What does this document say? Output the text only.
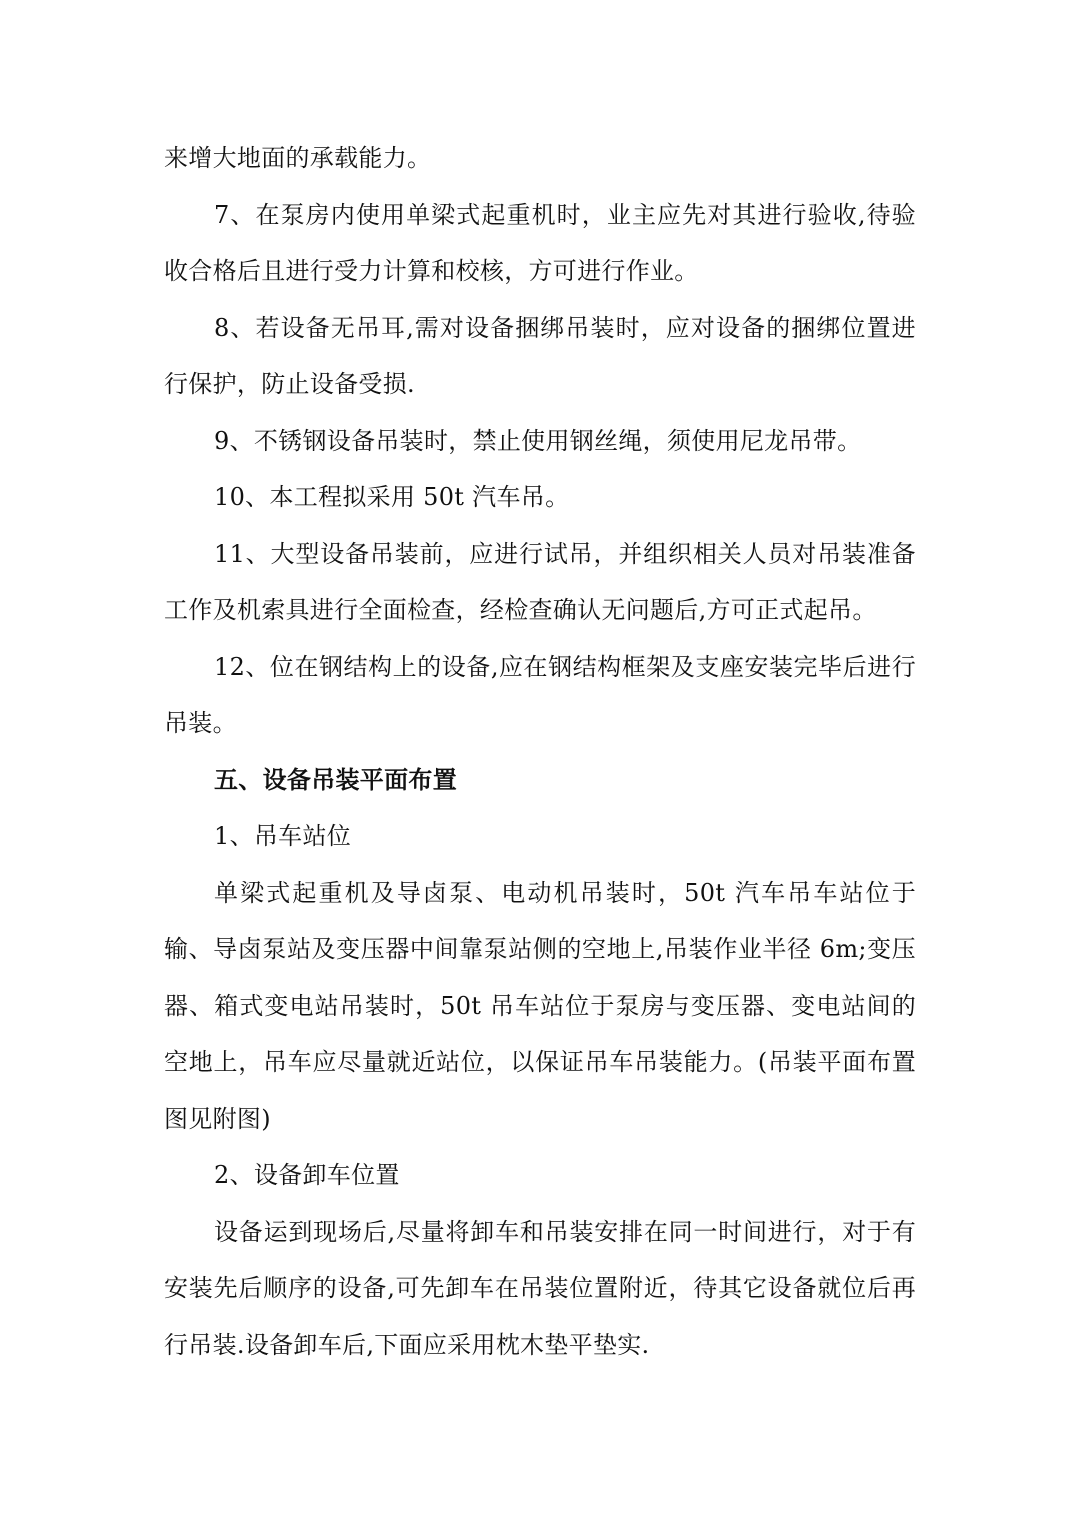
来增大地面的承载能力。

7、在泵房内使用单梁式起重机时，业主应先对其进行验收,待验收合格后且进行受力计算和校核，方可进行作业。

8、若设备无吊耳,需对设备捆绑吊装时，应对设备的捆绑位置进行保护，防止设备受损.

9、不锈钢设备吊装时，禁止使用钢丝绳，须使用尼龙吊带。

10、本工程拟采用 50t 汽车吊。

11、大型设备吊装前，应进行试吊，并组织相关人员对吊装准备工作及机索具进行全面检查，经检查确认无问题后,方可正式起吊。

12、位在钢结构上的设备,应在钢结构框架及支座安装完毕后进行吊装。

五、设备吊装平面布置

1、吊车站位

单梁式起重机及导卤泵、电动机吊装时，50t 汽车吊车站位于输、导卤泵站及变压器中间靠泵站侧的空地上,吊装作业半径 6m;变压器、箱式变电站吊装时，50t 吊车站位于泵房与变压器、变电站间的空地上，吊车应尽量就近站位，以保证吊车吊装能力。(吊装平面布置图见附图)

2、设备卸车位置

设备运到现场后,尽量将卸车和吊装安排在同一时间进行，对于有安装先后顺序的设备,可先卸车在吊装位置附近，待其它设备就位后再行吊装.设备卸车后,下面应采用枕木垫平垫实.
